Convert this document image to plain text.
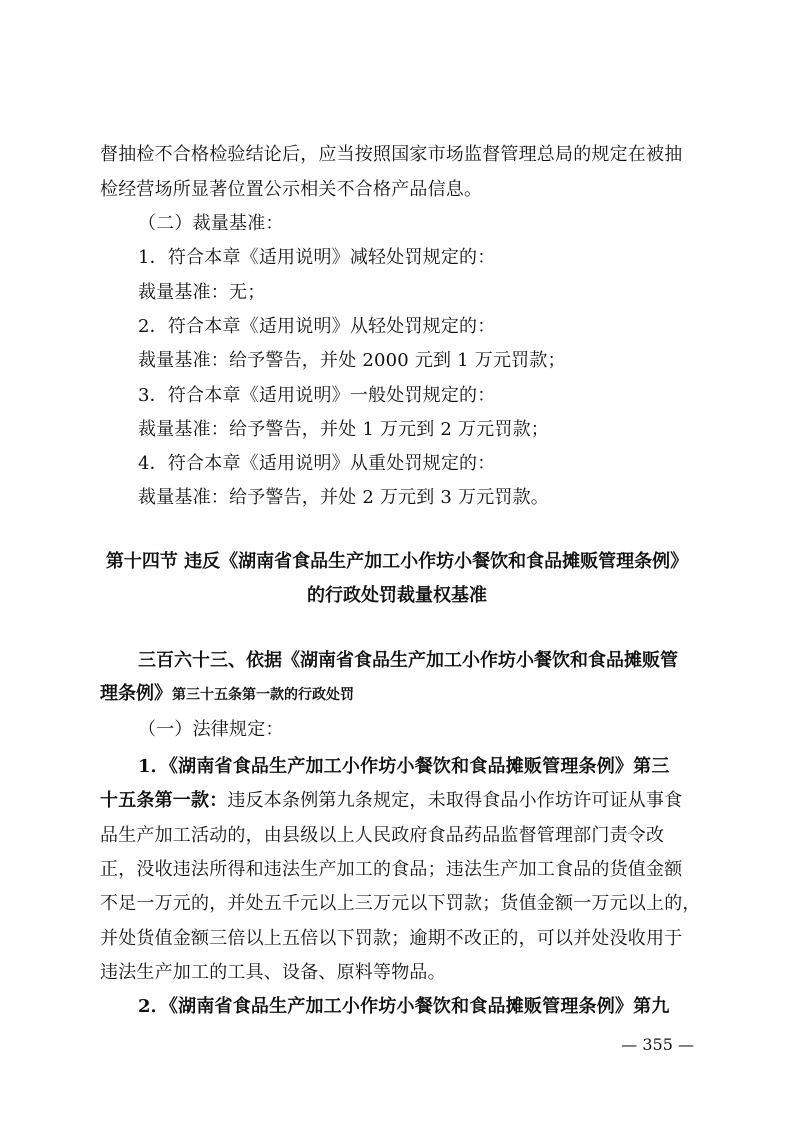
督抽检不合格检验结论后，应当按照国家市场监督管理总局的规定在被抽
检经营场所显著位置公示相关不合格产品信息。
（二）裁量基准：
1．符合本章《适用说明》减轻处罚规定的：
裁量基准：无；
2．符合本章《适用说明》从轻处罚规定的：
裁量基准：给予警告，并处 2000 元到 1 万元罚款；
3．符合本章《适用说明》一般处罚规定的：
裁量基准：给予警告，并处 1 万元到 2 万元罚款；
4．符合本章《适用说明》从重处罚规定的：
裁量基准：给予警告，并处 2 万元到 3 万元罚款。
第十四节 违反《湖南省食品生产加工小作坊小餐饮和食品摊贩管理条例》
的行政处罚裁量权基准
三百六十三、依据《湖南省食品生产加工小作坊小餐饮和食品摊贩管
理条例》第三十五条第一款的行政处罚
（一）法律规定：
1．《湖南省食品生产加工小作坊小餐饮和食品摊贩管理条例》第三
十五条第一款：违反本条例第九条规定，未取得食品小作坊许可证从事食
品生产加工活动的，由县级以上人民政府食品药品监督管理部门责令改
正，没收违法所得和违法生产加工的食品；违法生产加工食品的货值金额
不足一万元的，并处五千元以上三万元以下罚款；货值金额一万元以上的，
并处货值金额三倍以上五倍以下罚款；逾期不改正的，可以并处没收用于
违法生产加工的工具、设备、原料等物品。
2．《湖南省食品生产加工小作坊小餐饮和食品摊贩管理条例》第九
— 355 —
